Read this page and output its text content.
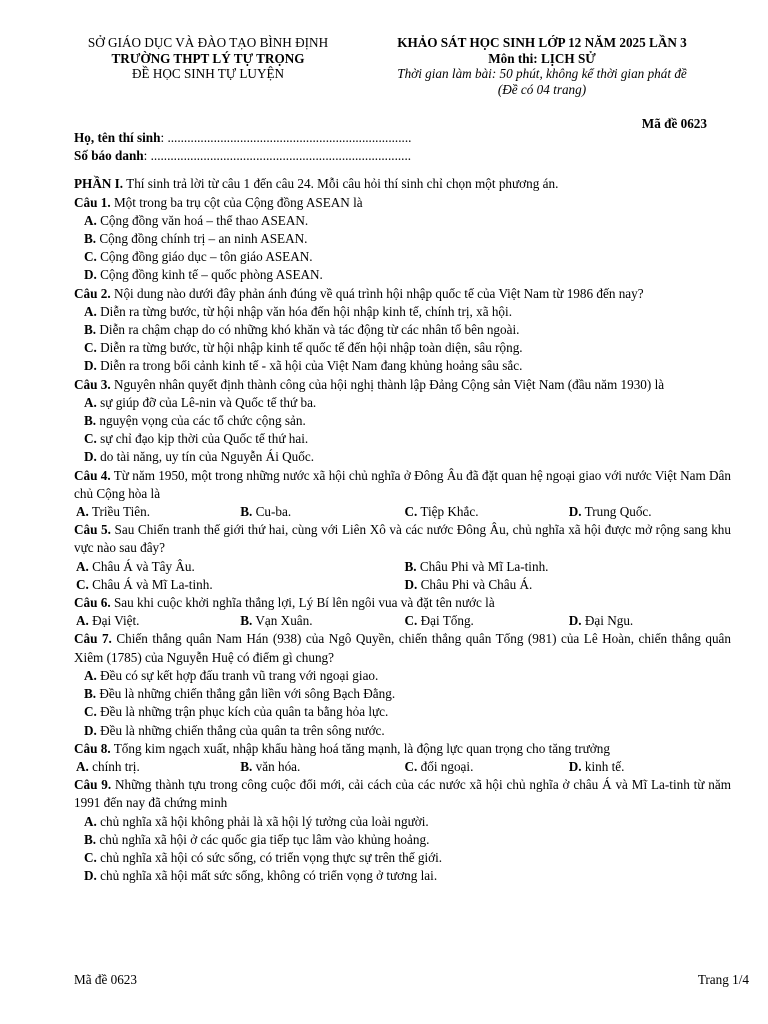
SỞ GIÁO DỤC VÀ ĐÀO TẠO BÌNH ĐỊNH
TRƯỜNG THPT LÝ TỰ TRỌNG
ĐỀ HỌC SINH TỰ LUYỆN
KHẢO SÁT HỌC SINH LỚP 12 NĂM 2025 LẦN 3
Môn thi: LỊCH SỬ
Thời gian làm bài: 50 phút, không kể thời gian phát đề
(Đề có 04 trang)
Mã đề 0623

Họ, tên thí sinh: ..........................................................................

Số báo danh: ...............................................................................

PHẦN I. Thí sinh trả lời từ câu 1 đến câu 24. Mỗi câu hỏi thí sinh chỉ chọn một phương án.

Câu 1. Một trong ba trụ cột của Cộng đồng ASEAN là

A. Cộng đồng văn hoá – thể thao ASEAN.

B. Cộng đồng chính trị – an ninh ASEAN.

C. Cộng đồng giáo dục – tôn giáo ASEAN.

D. Cộng đồng kinh tế – quốc phòng ASEAN.

Câu 2. Nội dung nào dưới đây phản ánh đúng về quá trình hội nhập quốc tế của Việt Nam từ 1986 đến nay?

A. Diễn ra từng bước, từ hội nhập văn hóa đến hội nhập kinh tế, chính trị, xã hội.

B. Diễn ra chậm chạp do có những khó khăn và tác động từ các nhân tố bên ngoài.

C. Diễn ra từng bước, từ hội nhập kinh tế quốc tế đến hội nhập toàn diện, sâu rộng.

D. Diễn ra trong bối cảnh kinh tế - xã hội của Việt Nam đang khủng hoảng sâu sắc.

Câu 3. Nguyên nhân quyết định thành công của hội nghị thành lập Đảng Cộng sản Việt Nam (đầu năm 1930) là

A. sự giúp đỡ của Lê-nin và Quốc tế thứ ba.

B. nguyện vọng của các tổ chức cộng sản.

C. sự chỉ đạo kịp thời của Quốc tế thứ hai.

D. do tài năng, uy tín của Nguyễn Ái Quốc.

Câu 4. Từ năm 1950, một trong những nước xã hội chủ nghĩa ở Đông Âu đã đặt quan hệ ngoại giao với nước Việt Nam Dân chủ Cộng hòa là

A. Triều Tiên.	B. Cu-ba.	C. Tiệp Khắc.	D. Trung Quốc.

Câu 5. Sau Chiến tranh thế giới thứ hai, cùng với Liên Xô và các nước Đông Âu, chủ nghĩa xã hội được mở rộng sang khu vực nào sau đây?

A. Châu Á và Tây Âu.	B. Châu Phi và Mĩ La-tinh.
C. Châu Á và Mĩ La-tinh.	D. Châu Phi và Châu Á.

Câu 6. Sau khi cuộc khởi nghĩa thắng lợi, Lý Bí lên ngôi vua và đặt tên nước là

A. Đại Việt.	B. Vạn Xuân.	C. Đại Tống.	D. Đại Ngu.

Câu 7. Chiến thắng quân Nam Hán (938) của Ngô Quyền, chiến thắng quân Tống (981) của Lê Hoàn, chiến thắng quân Xiêm (1785) của Nguyễn Huệ có điểm gì chung?

A. Đều có sự kết hợp đấu tranh vũ trang với ngoại giao.

B. Đều là những chiến thắng gắn liền với sông Bạch Đằng.

C. Đều là những trận phục kích của quân ta bằng hỏa lực.

D. Đều là những chiến thắng của quân ta trên sông nước.

Câu 8. Tổng kim ngạch xuất, nhập khẩu hàng hoá tăng mạnh, là động lực quan trọng cho tăng trưởng

A. chính trị.	B. văn hóa.	C. đối ngoại.	D. kinh tế.

Câu 9. Những thành tựu trong công cuộc đổi mới, cải cách của các nước xã hội chủ nghĩa ở châu Á và Mĩ La-tinh từ năm 1991 đến nay đã chứng minh

A. chủ nghĩa xã hội không phải là xã hội lý tưởng của loài người.

B. chủ nghĩa xã hội ở các quốc gia tiếp tục lâm vào khủng hoảng.

C. chủ nghĩa xã hội có sức sống, có triển vọng thực sự trên thế giới.

D. chủ nghĩa xã hội mất sức sống, không có triển vọng ở tương lai.

Mã đề 0623	Trang 1/4
